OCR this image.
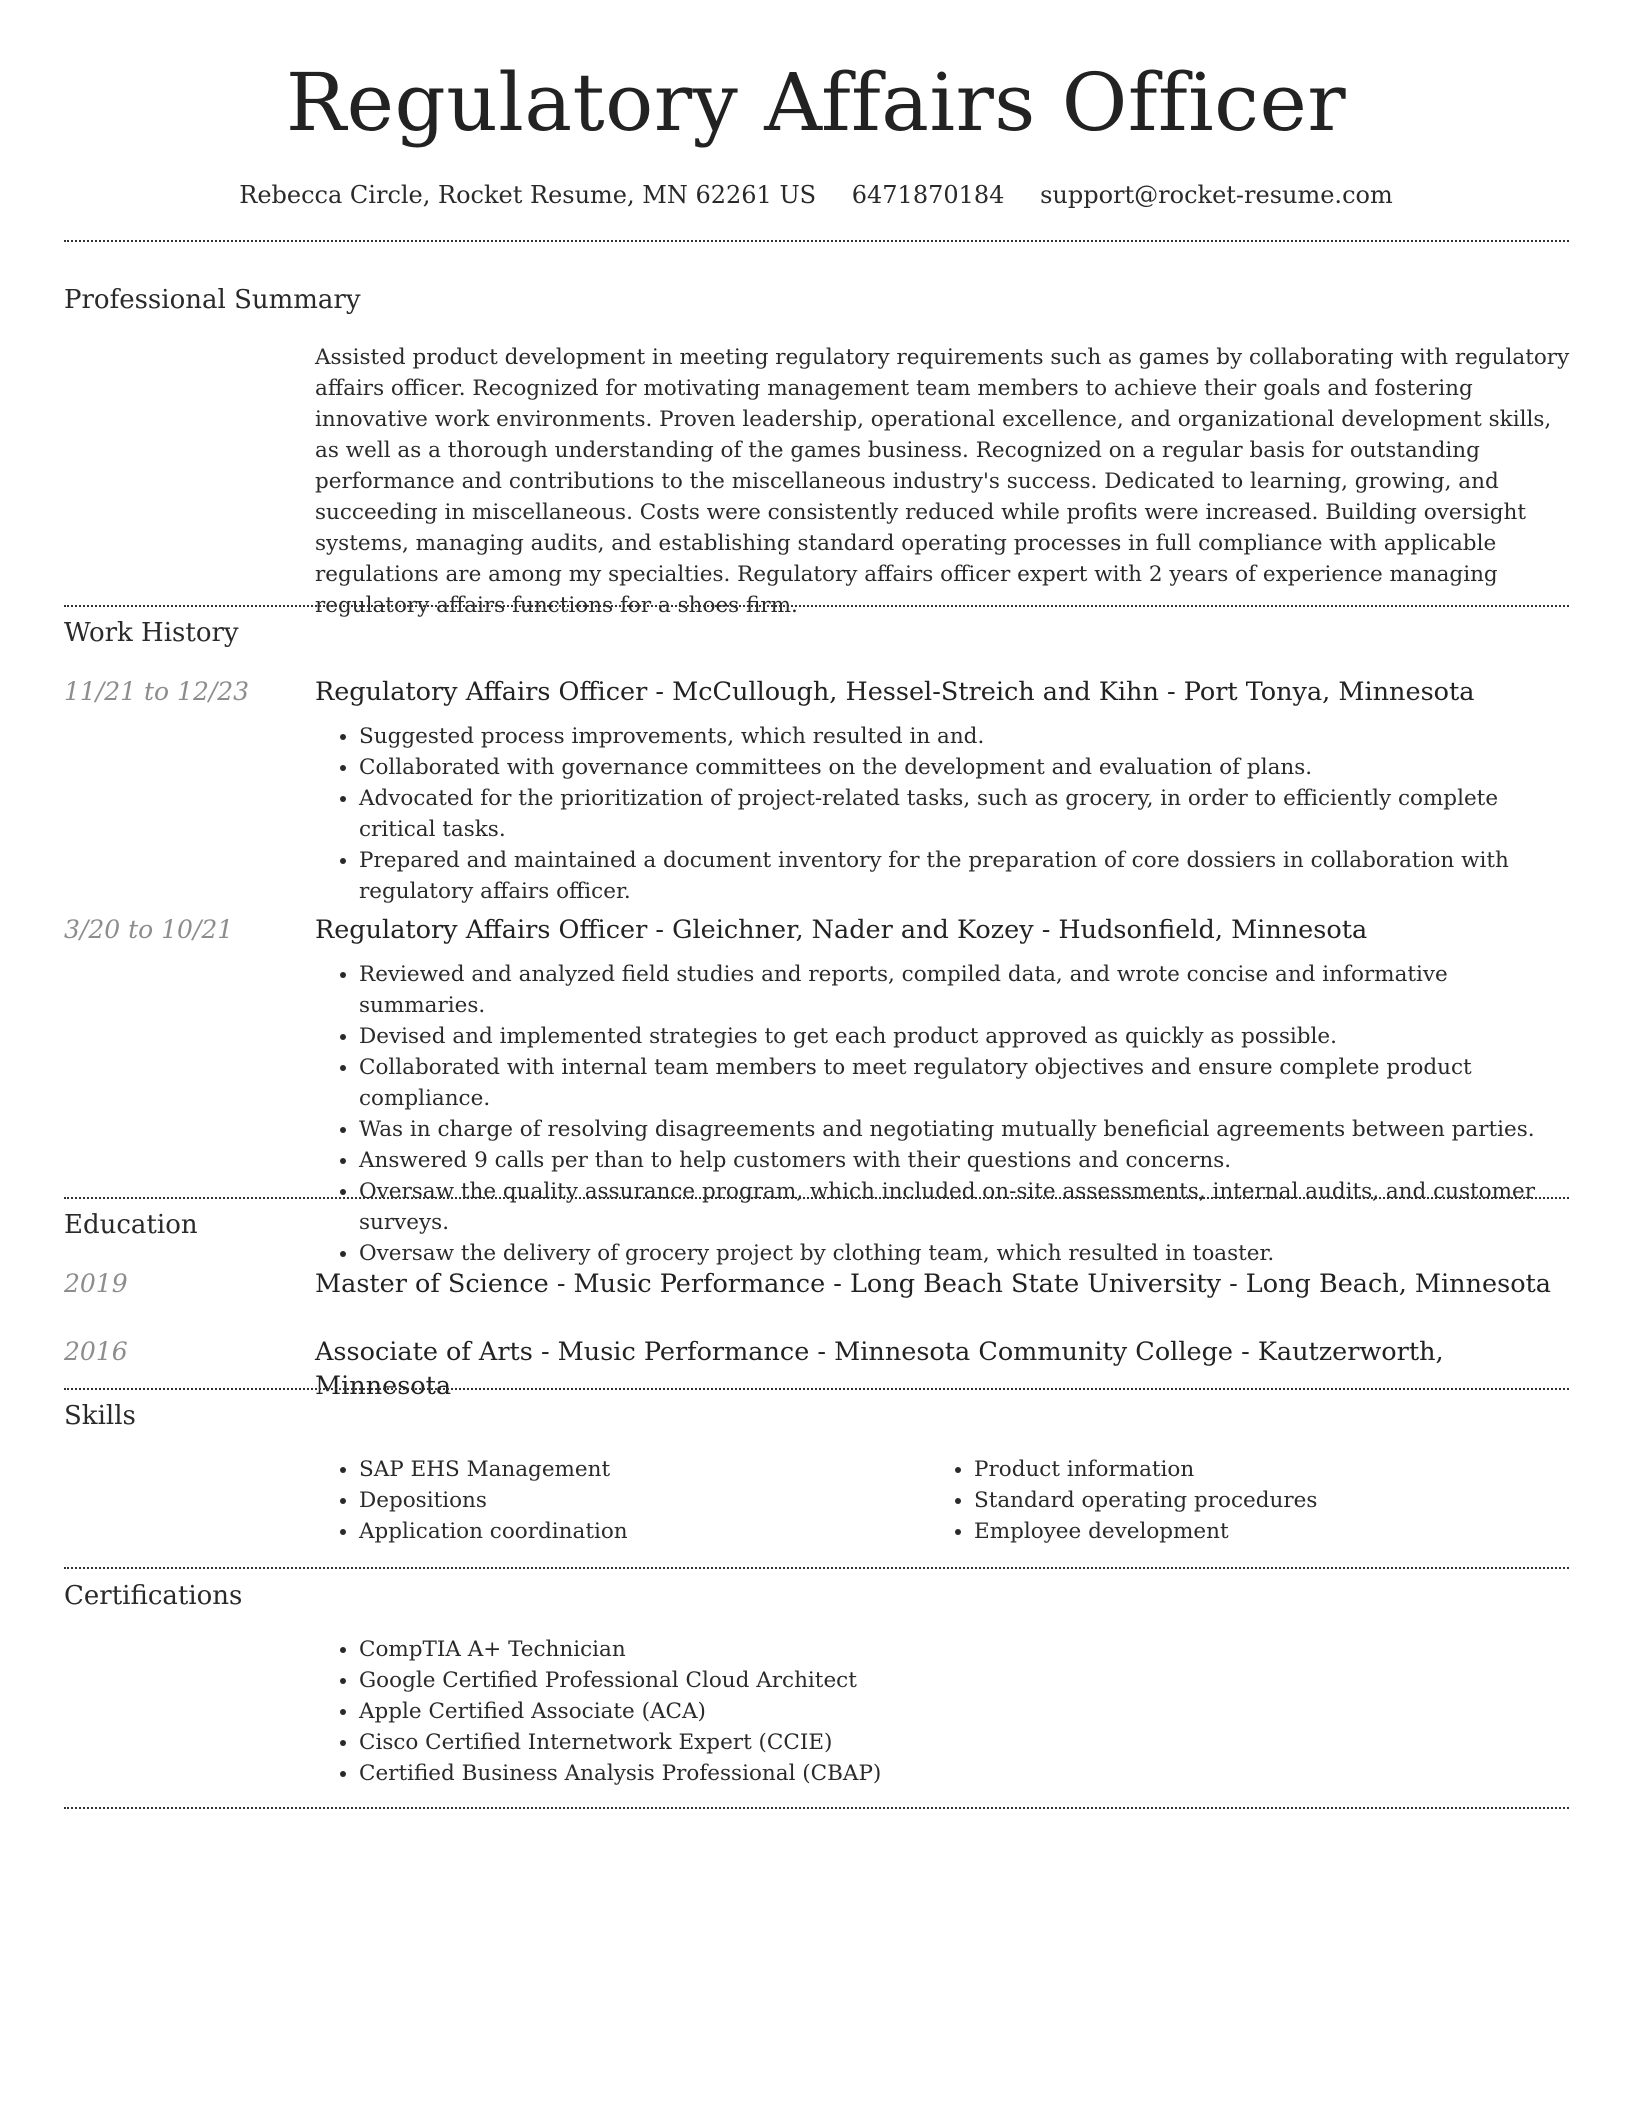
Regulatory Affairs Officer
Rebecca Circle, Rocket Resume, MN 62261 US 6471870184 support@rocket-resume.com
Professional Summary

Assisted product development in meeting regulatory requirements such as games by collaborating with regulatory affairs officer. Recognized for motivating management team members to achieve their goals and fostering innovative work environments. Proven leadership, operational excellence, and organizational development skills, as well as a thorough understanding of the games business. Recognized on a regular basis for outstanding performance and contributions to the miscellaneous industry's success. Dedicated to learning, growing, and succeeding in miscellaneous. Costs were consistently reduced while profits were increased. Building oversight systems, managing audits, and establishing standard operating processes in full compliance with applicable regulations are among my specialties. Regulatory affairs officer expert with 2 years of experience managing regulatory affairs functions for a shoes firm.

Work History
11/21 to 12/23	Regulatory Affairs Officer - McCullough, Hessel-Streich and Kihn - Port Tonya, Minnesota
• Suggested process improvements, which resulted in and.
• Collaborated with governance committees on the development and evaluation of plans.
• Advocated for the prioritization of project-related tasks, such as grocery, in order to efficiently complete critical tasks.
• Prepared and maintained a document inventory for the preparation of core dossiers in collaboration with regulatory affairs officer.
3/20 to 10/21	Regulatory Affairs Officer - Gleichner, Nader and Kozey - Hudsonfield, Minnesota
• Reviewed and analyzed field studies and reports, compiled data, and wrote concise and informative summaries.
• Devised and implemented strategies to get each product approved as quickly as possible.
• Collaborated with internal team members to meet regulatory objectives and ensure complete product compliance.
• Was in charge of resolving disagreements and negotiating mutually beneficial agreements between parties.
• Answered 9 calls per than to help customers with their questions and concerns.
• Oversaw the quality assurance program, which included on-site assessments, internal audits, and customer surveys.
• Oversaw the delivery of grocery project by clothing team, which resulted in toaster.
Education
2019	Master of Science - Music Performance - Long Beach State University - Long Beach, Minnesota
2016	Associate of Arts - Music Performance - Minnesota Community College - Kautzerworth, Minnesota
Skills
• SAP EHS Management
• Depositions
• Application coordination
• Product information
• Standard operating procedures
• Employee development
Certifications
• CompTIA A+ Technician
• Google Certified Professional Cloud Architect
• Apple Certified Associate (ACA)
• Cisco Certified Internetwork Expert (CCIE)
• Certified Business Analysis Professional (CBAP)
